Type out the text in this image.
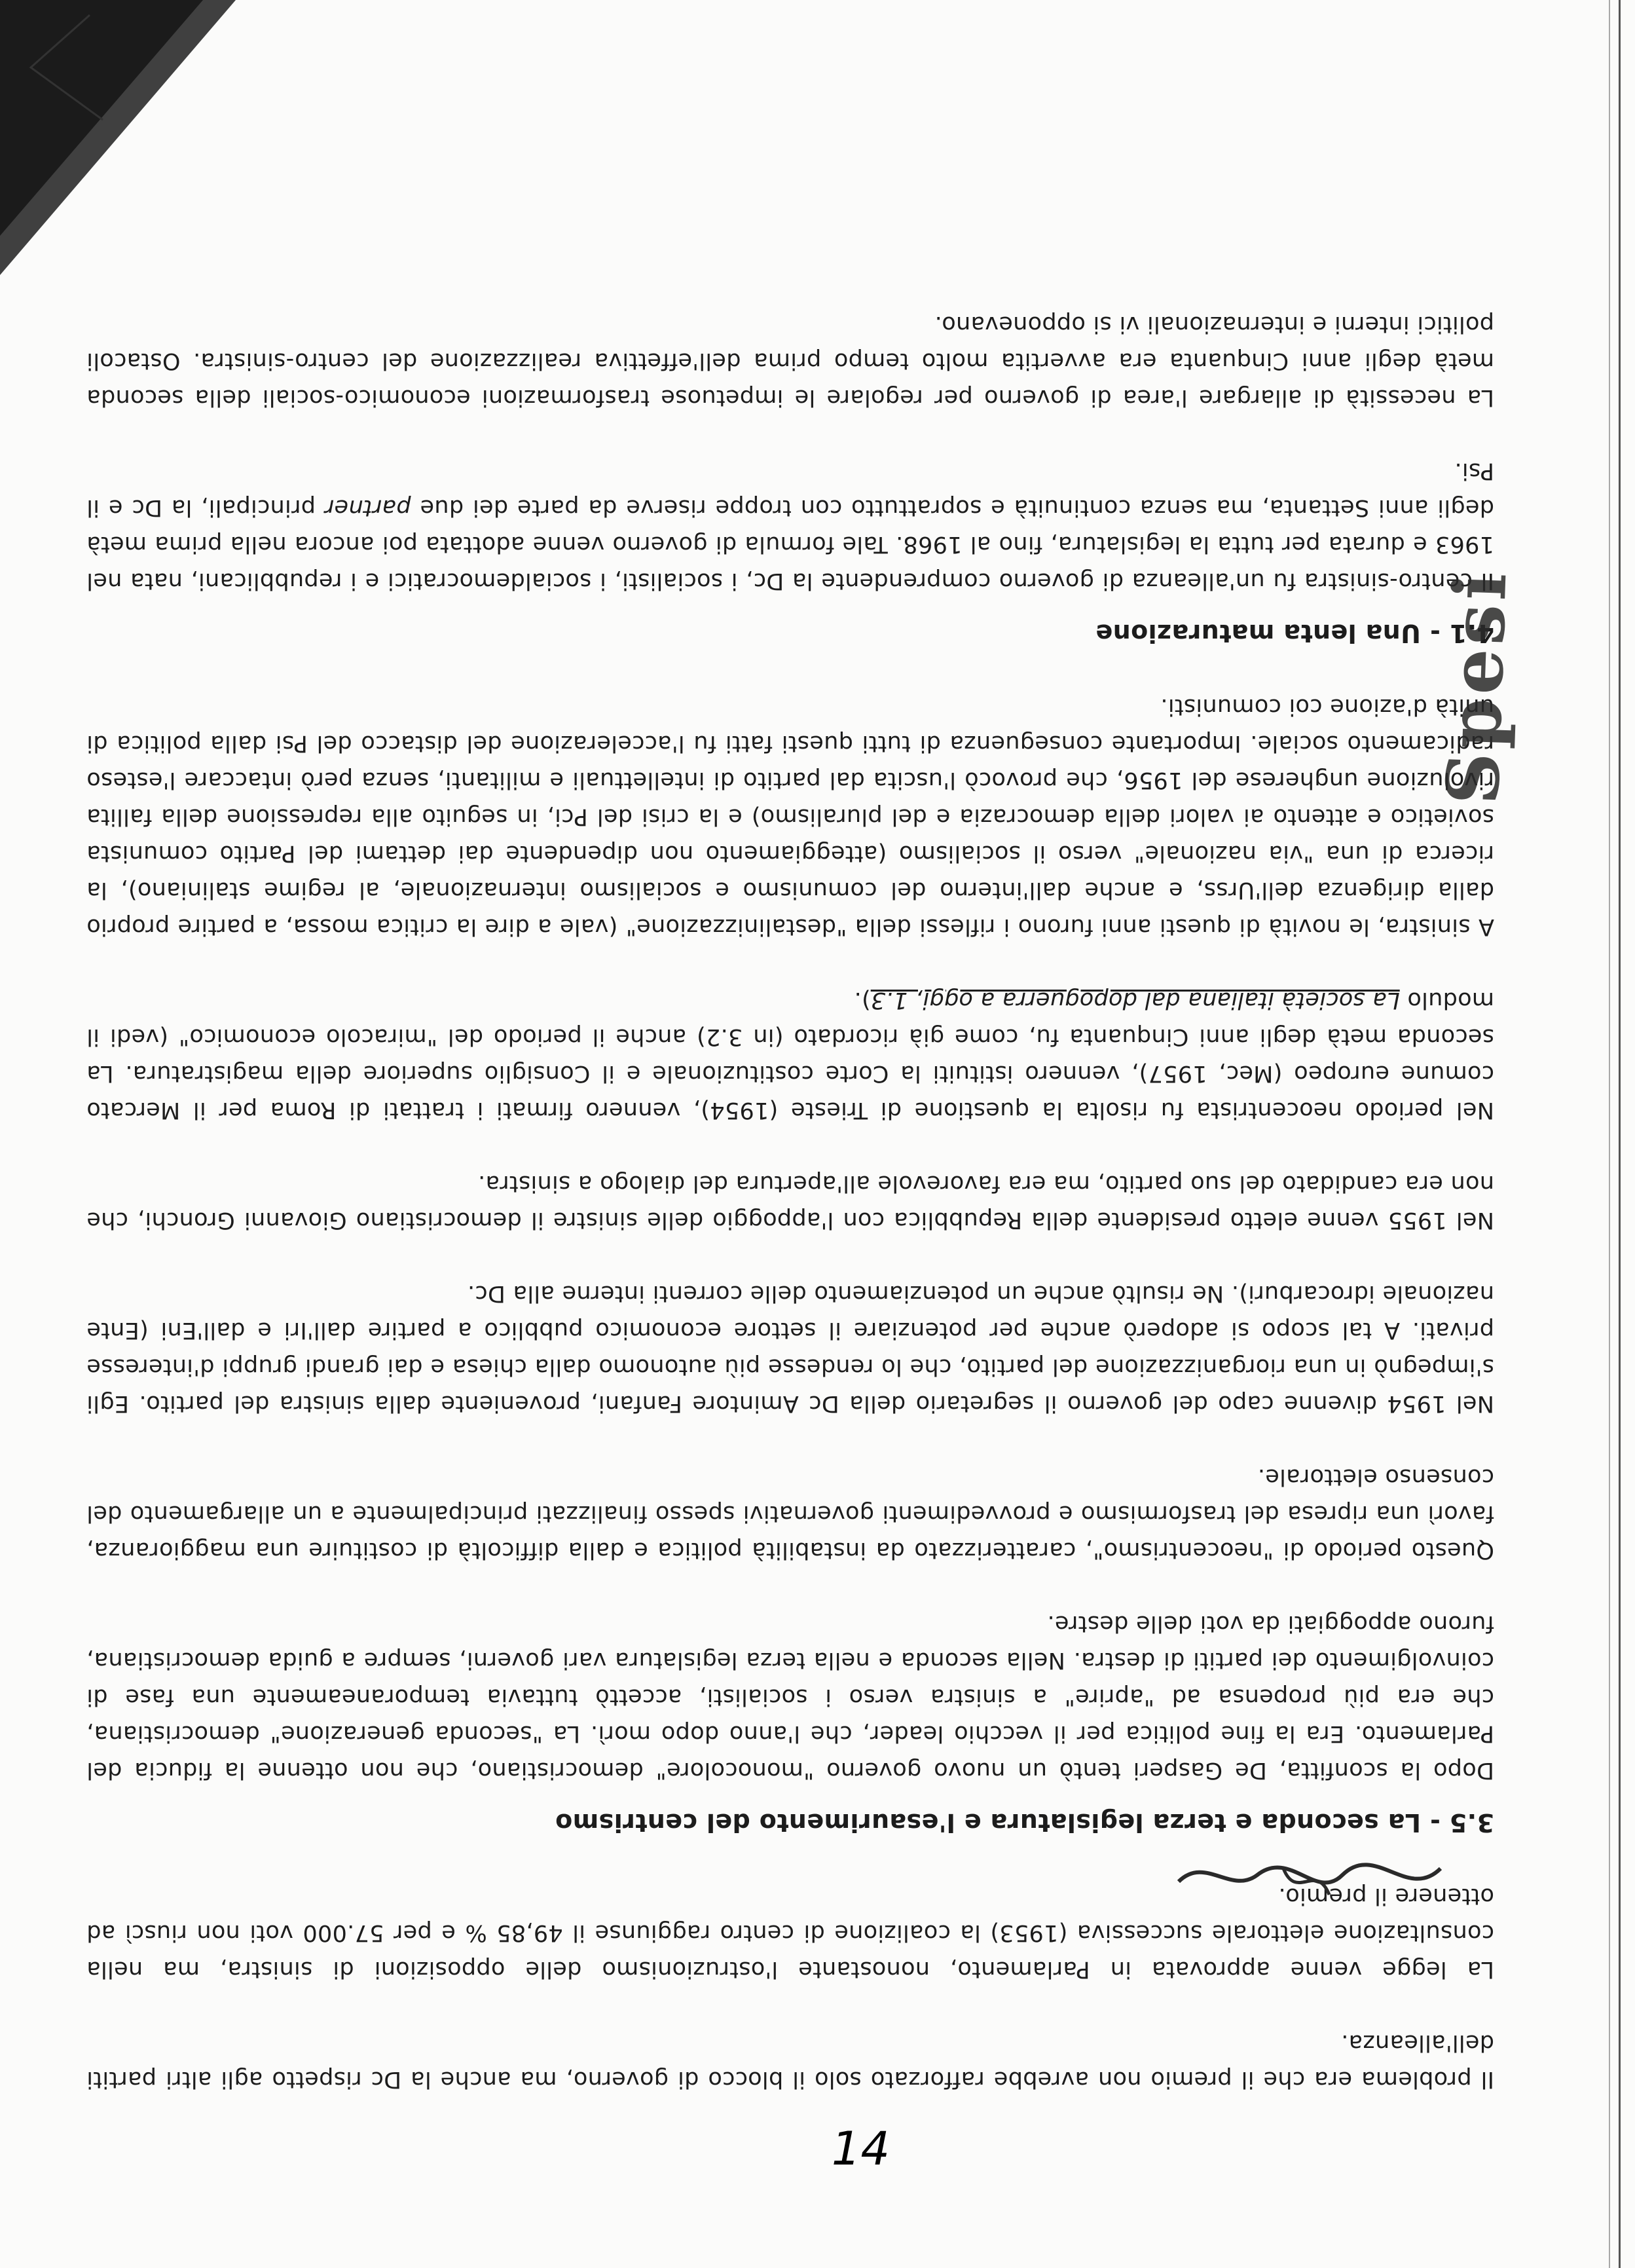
Il problema era che il premio non avrebbe rafforzato solo il blocco di governo, ma anche la Dc rispetto agli altri partiti dell'alleanza.

La legge venne approvata in Parlamento, nonostante l'ostruzionismo delle opposizioni di sinistra, ma nella consultazione elettorale successiva (1953) la coalizione di centro raggiunse il 49,85 % e per 57.000 voti non riuscì ad ottenere il premio.

3.5 - La seconda e terza legislatura e l'esaurimento del centrismo

Dopo la sconfitta, De Gasperi tentò un nuovo governo "monocolore" democristiano, che non ottenne la fiducia del Parlamento. Era la fine politica per il vecchio leader, che l'anno dopo morì. La "seconda generazione" democristiana, che era più propensa ad "aprire" a sinistra verso i socialisti, accettò tuttavia temporaneamente una fase di coinvolgimento dei partiti di destra. Nella seconda e nella terza legislatura vari governi, sempre a guida democristiana, furono appoggiati da voti delle destre.

Questo periodo di "neocentrismo", caratterizzato da instabilità politica e dalla difficoltà di costituire una maggioranza, favorì una ripresa del trasformismo e provvedimenti governativi spesso finalizzati principalmente a un allargamento del consenso elettorale.

Nel 1954 divenne capo del governo il segretario della Dc Amintore Fanfani, proveniente dalla sinistra del partito. Egli s'impegnò in una riorganizzazione del partito, che lo rendesse più autonomo dalla chiesa e dai grandi gruppi d'interesse privati. A tal scopo si adoperò anche per potenziare il settore economico pubblico a partire dall'Iri e dall'Eni (Ente nazionale idrocarburi). Ne risultò anche un potenziamento delle correnti interne alla Dc.

Nel 1955 venne eletto presidente della Repubblica con l'appoggio delle sinistre il democristiano Giovanni Gronchi, che non era candidato del suo partito, ma era favorevole all'apertura del dialogo a sinistra.

Nel periodo neocentrista fu risolta la questione di Trieste (1954), vennero firmati i trattati di Roma per il Mercato comune europeo (Mec, 1957), vennero istituiti la Corte costituzionale e il Consiglio superiore della magistratura. La seconda metà degli anni Cinquanta fu, come già ricordato (in 3.2) anche il periodo del "miracolo economico" (vedi il modulo La società italiana dal dopoguerra a oggi, 1.3).

A sinistra, le novità di questi anni furono i riflessi della "destalinizzazione" (vale a dire la critica mossa, a partire proprio dalla dirigenza dell'Urss, e anche dall'interno del comunismo e socialismo internazionale, al regime staliniano), la ricerca di una "via nazionale" verso il socialismo (atteggiamento non dipendente dai dettami del Partito comunista sovietico e attento ai valori della democrazia e del pluralismo) e la crisi del Pci, in seguito alla repressione della fallita rivoluzione ungherese del 1956, che provocò l'uscita dal partito di intellettuali e militanti, senza però intaccare l'esteso radicamento sociale. Importante conseguenza di tutti questi fatti fu l'accelerazione del distacco del Psi dalla politica di unità d'azione coi comunisti.

4.1 - Una lenta maturazione

Il centro-sinistra fu un'alleanza di governo comprendente la Dc, i socialisti, i socialdemocratici e i repubblicani, nata nel 1963 e durata per tutta la legislatura, fino al 1968. Tale formula di governo venne adottata poi ancora nella prima metà degli anni Settanta, ma senza continuità e soprattutto con troppe riserve da parte dei due partner principali, la Dc e il Psi.

La necessità di allargare l'area di governo per regolare le impetuose trasformazioni economico-sociali della seconda metà degli anni Cinquanta era avvertita molto tempo prima dell'effettiva realizzazione del centro-sinistra. Ostacoli politici interni e internazionali vi si opponevano.

Spesi
14
